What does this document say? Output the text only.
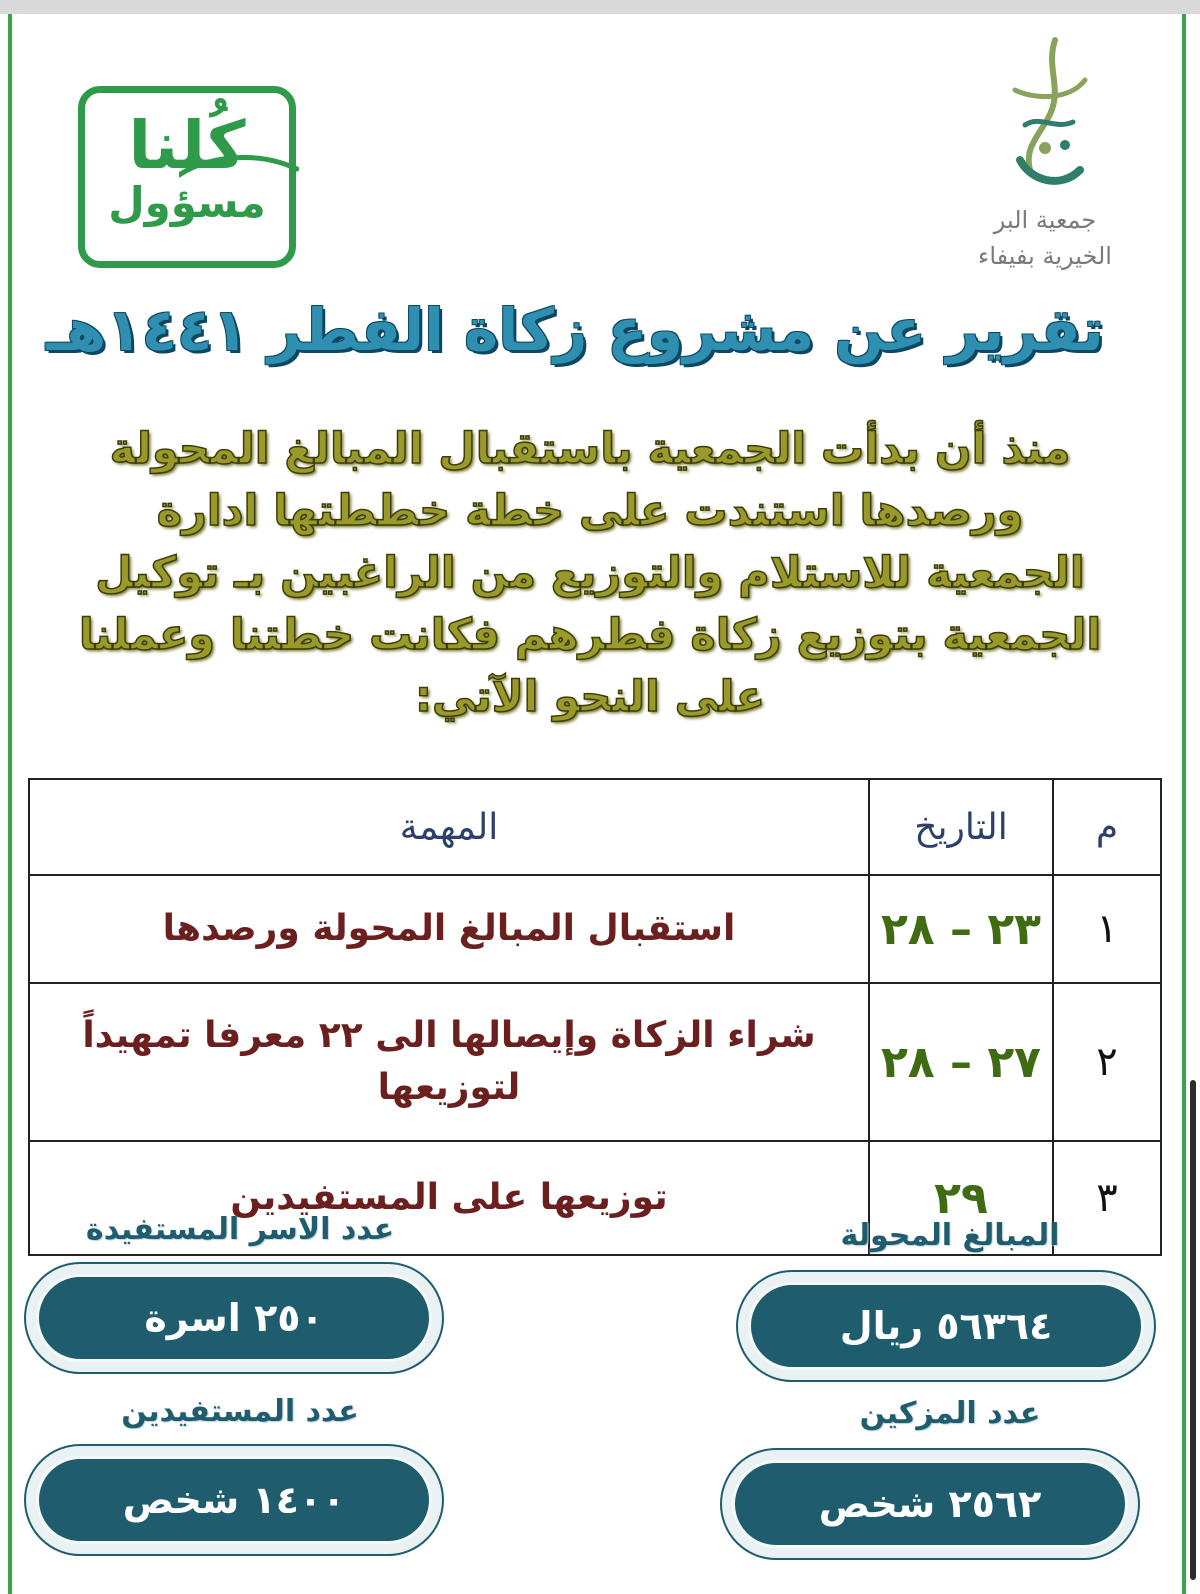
جمعية البر
الخيرية بفيفاء
كُلنا
مسؤول
تقرير عن مشروع زكاة الفطر ١٤٤١هـ
منذ أن بدأت الجمعية باستقبال المبالغ المحولة ورصدها استندت على خطة خططتها ادارة الجمعية للاستلام والتوزيع من الراغبين بـ توكيل الجمعية بتوزيع زكاة فطرهم فكانت خطتنا وعملنا على النحو الآتي:
م	التاريخ	المهمة
١	٢٣ – ٢٨	استقبال المبالغ المحولة ورصدها
٢	٢٧ – ٢٨	شراء الزكاة وإيصالها الى ٢٢ معرفا تمهيداً لتوزيعها
٣	٢٩	توزيعها على المستفيدين
المبالغ المحولة
٥٦٣٦٤ ريال
عدد المزكين
٢٥٦٢ شخص
عدد الاسر المستفيدة
٢٥٠ اسرة
عدد المستفيدين
١٤٠٠ شخص
